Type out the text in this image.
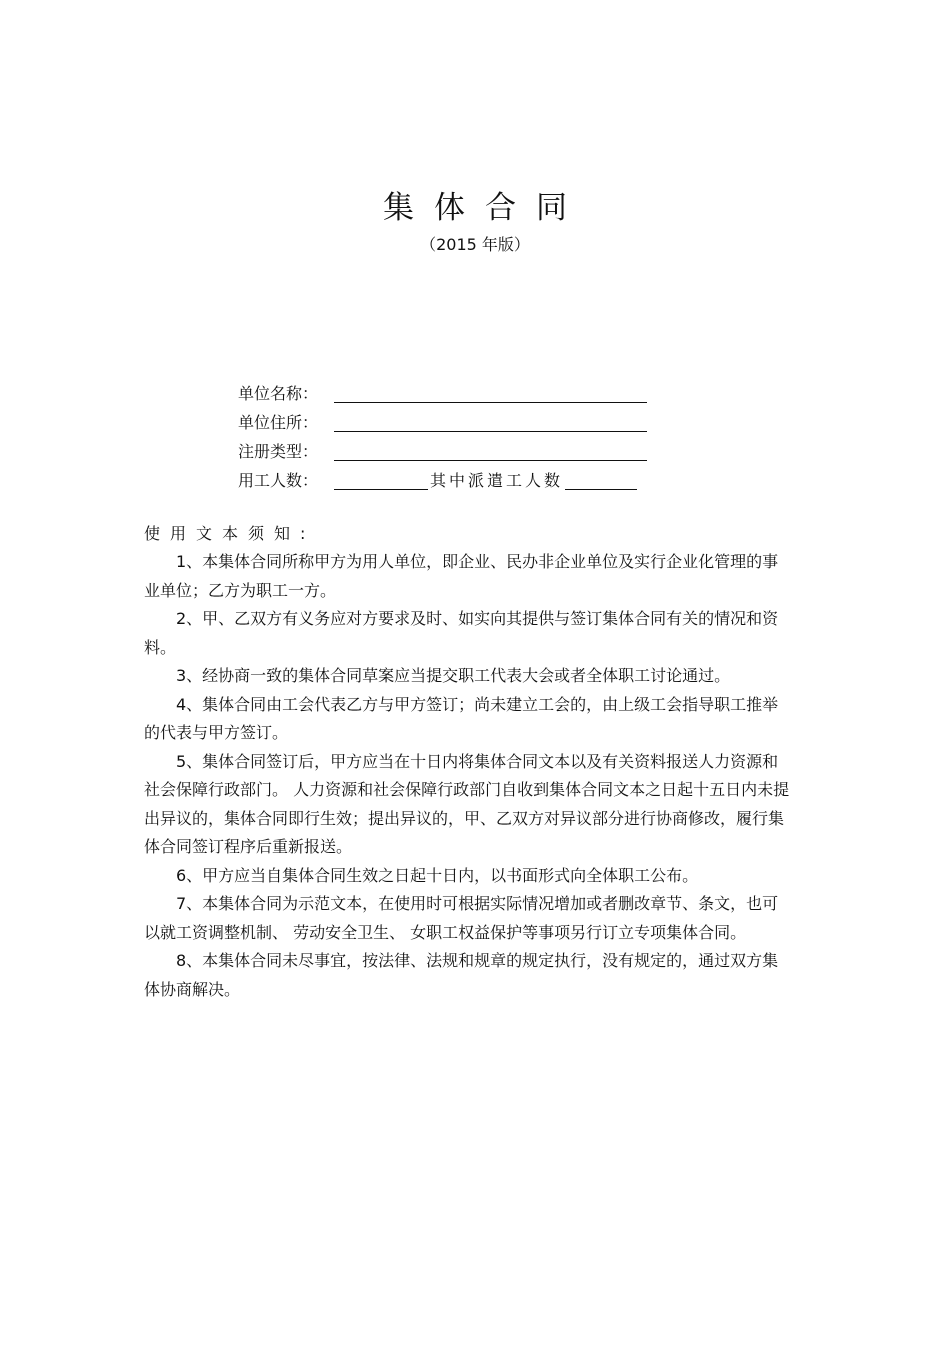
集体合同
（2015 年版）
单位名称：
单位住所：
注册类型：
用工人数：	其中派遣工人数
使用文本须知:

1、本集体合同所称甲方为用人单位，即企业、民办非企业单位及实行企业化管理的事业单位；乙方为职工一方。

2、甲、乙双方有义务应对方要求及时、如实向其提供与签订集体合同有关的情况和资料。

3、经协商一致的集体合同草案应当提交职工代表大会或者全体职工讨论通过。

4、集体合同由工会代表乙方与甲方签订；尚未建立工会的，由上级工会指导职工推举的代表与甲方签订。

5、集体合同签订后，甲方应当在十日内将集体合同文本以及有关资料报送人力资源和社会保障行政部门。 人力资源和社会保障行政部门自收到集体合同文本之日起十五日内未提出异议的，集体合同即行生效；提出异议的，甲、乙双方对异议部分进行协商修改，履行集体合同签订程序后重新报送。

6、甲方应当自集体合同生效之日起十日内，以书面形式向全体职工公布。

7、本集体合同为示范文本，在使用时可根据实际情况增加或者删改章节、条文，也可以就工资调整机制、 劳动安全卫生、 女职工权益保护等事项另行订立专项集体合同。

8、本集体合同未尽事宜，按法律、法规和规章的规定执行，没有规定的，通过双方集体协商解决。
